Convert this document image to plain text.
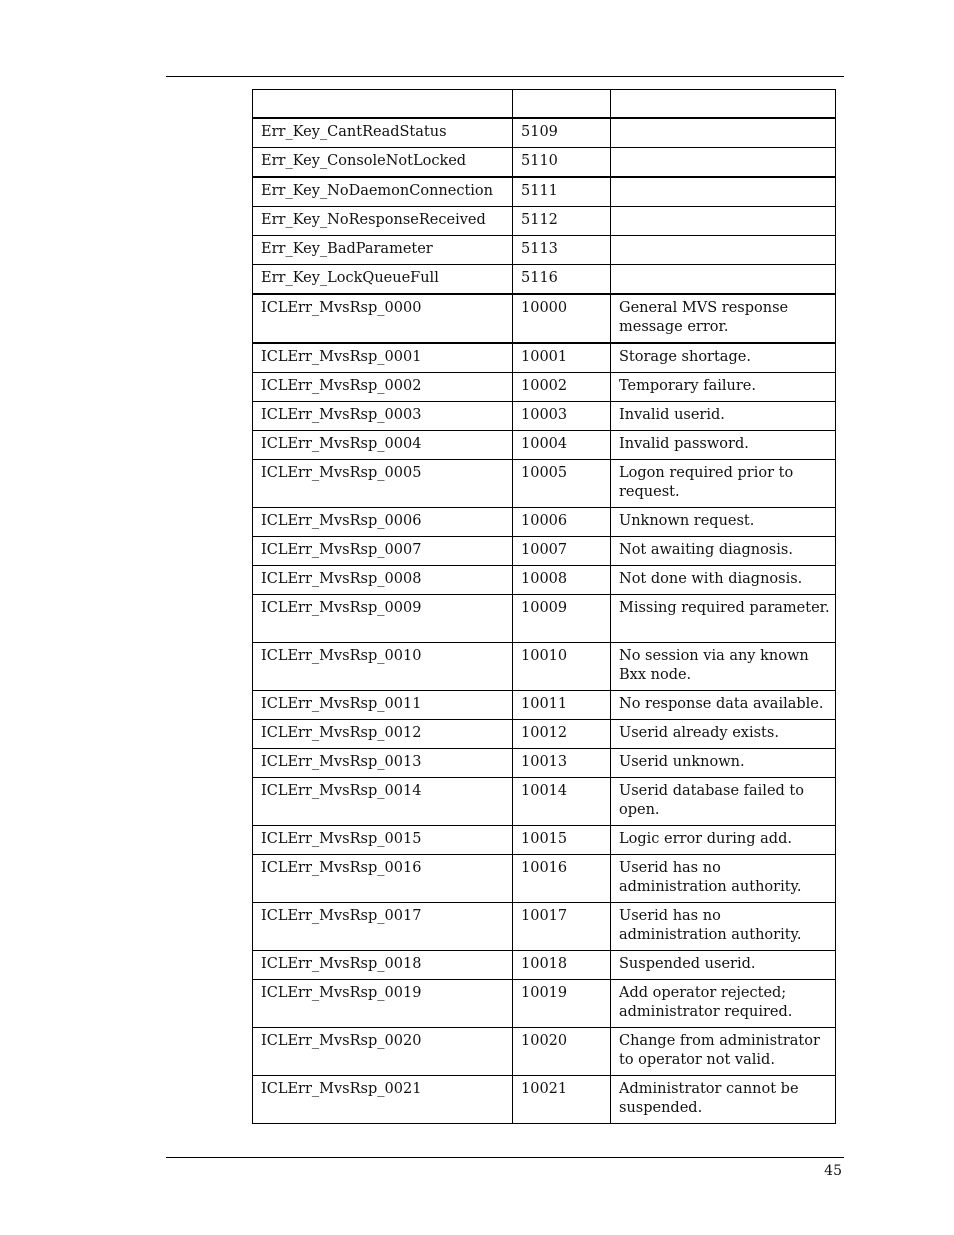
Err_Key_CantReadStatus	5109	
Err_Key_ConsoleNotLocked	5110	
Err_Key_NoDaemonConnection	5111	
Err_Key_NoResponseReceived	5112	
Err_Key_BadParameter	5113	
Err_Key_LockQueueFull	5116	
ICLErr_MvsRsp_0000	10000	General MVS response message error.
ICLErr_MvsRsp_0001	10001	Storage shortage.
ICLErr_MvsRsp_0002	10002	Temporary failure.
ICLErr_MvsRsp_0003	10003	Invalid userid.
ICLErr_MvsRsp_0004	10004	Invalid password.
ICLErr_MvsRsp_0005	10005	Logon required prior to request.
ICLErr_MvsRsp_0006	10006	Unknown request.
ICLErr_MvsRsp_0007	10007	Not awaiting diagnosis.
ICLErr_MvsRsp_0008	10008	Not done with diagnosis.
ICLErr_MvsRsp_0009	10009	Missing required parameter.
ICLErr_MvsRsp_0010	10010	No session via any known Bxx node.
ICLErr_MvsRsp_0011	10011	No response data available.
ICLErr_MvsRsp_0012	10012	Userid already exists.
ICLErr_MvsRsp_0013	10013	Userid unknown.
ICLErr_MvsRsp_0014	10014	Userid database failed to open.
ICLErr_MvsRsp_0015	10015	Logic error during add.
ICLErr_MvsRsp_0016	10016	Userid has no administration authority.
ICLErr_MvsRsp_0017	10017	Userid has no administration authority.
ICLErr_MvsRsp_0018	10018	Suspended userid.
ICLErr_MvsRsp_0019	10019	Add operator rejected; administrator required.
ICLErr_MvsRsp_0020	10020	Change from administrator to operator not valid.
ICLErr_MvsRsp_0021	10021	Administrator cannot be suspended.
45
